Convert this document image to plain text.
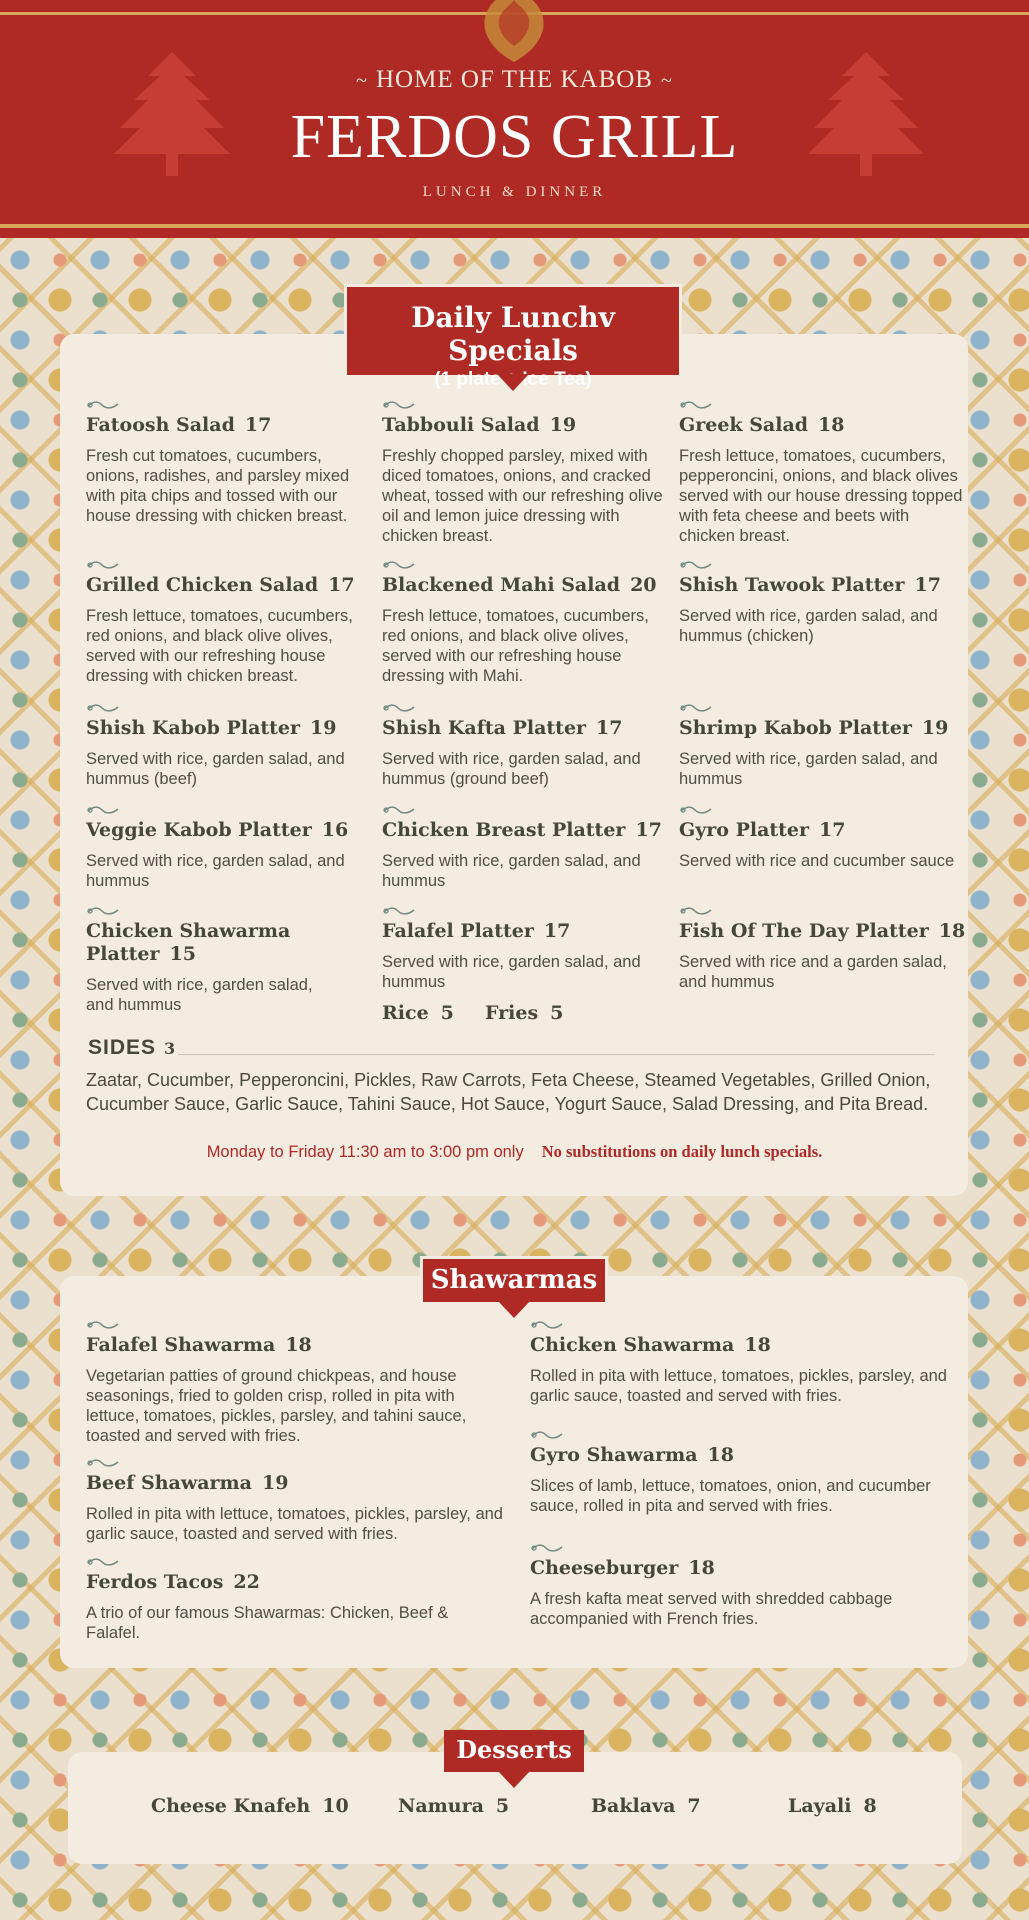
~ HOME OF THE KABOB ~
FERDOS GRILL
LUNCH & DINNER
Daily Lunchv Specials
(1 plate + Ice Tea)
Fatoosh Salad 17

Fresh cut tomatoes, cucumbers, onions, radishes, and parsley mixed with pita chips and tossed with our house dressing with chicken breast.

Tabbouli Salad 19

Freshly chopped parsley, mixed with diced tomatoes, onions, and cracked wheat, tossed with our refreshing olive oil and lemon juice dressing with chicken breast.

Greek Salad 18

Fresh lettuce, tomatoes, cucumbers, pepperoncini, onions, and black olives served with our house dressing topped with feta cheese and beets with chicken breast.

Grilled Chicken Salad 17

Fresh lettuce, tomatoes, cucumbers, red onions, and black olive olives, served with our refreshing house dressing with chicken breast.

Blackened Mahi Salad 20

Fresh lettuce, tomatoes, cucumbers, red onions, and black olive olives, served with our refreshing house dressing with Mahi.

Shish Tawook Platter 17

Served with rice, garden salad, and hummus (chicken)

Shish Kabob Platter 19

Served with rice, garden salad, and hummus (beef)

Shish Kafta Platter 17

Served with rice, garden salad, and hummus (ground beef)

Shrimp Kabob Platter 19

Served with rice, garden salad, and hummus

Veggie Kabob Platter 16

Served with rice, garden salad, and hummus

Chicken Breast Platter 17

Served with rice, garden salad, and hummus

Gyro Platter 17

Served with rice and cucumber sauce

Chicken Shawarma Platter 15

Served with rice, garden salad, and hummus

Falafel Platter 17

Served with rice, garden salad, and hummus

Fish Of The Day Platter 18

Served with rice and a garden salad, and hummus

Rice 5 Fries 5
SIDES 3
Zaatar, Cucumber, Pepperoncini, Pickles, Raw Carrots, Feta Cheese, Steamed Vegetables, Grilled Onion, Cucumber Sauce, Garlic Sauce, Tahini Sauce, Hot Sauce, Yogurt Sauce, Salad Dressing, and Pita Bread.
Monday to Friday 11:30 am to 3:00 pm only No substitutions on daily lunch specials.
Shawarmas
Falafel Shawarma 18

Vegetarian patties of ground chickpeas, and house seasonings, fried to golden crisp, rolled in pita with lettuce, tomatoes, pickles, parsley, and tahini sauce, toasted and served with fries.

Chicken Shawarma 18

Rolled in pita with lettuce, tomatoes, pickles, parsley, and garlic sauce, toasted and served with fries.

Beef Shawarma 19

Rolled in pita with lettuce, tomatoes, pickles, parsley, and garlic sauce, toasted and served with fries.

Gyro Shawarma 18

Slices of lamb, lettuce, tomatoes, onion, and cucumber sauce, rolled in pita and served with fries.

Ferdos Tacos 22

A trio of our famous Shawarmas: Chicken, Beef & Falafel.

Cheeseburger 18

A fresh kafta meat served with shredded cabbage accompanied with French fries.

Desserts
Cheese Knafeh 10	Namura 5	Baklava 7	Layali 8
